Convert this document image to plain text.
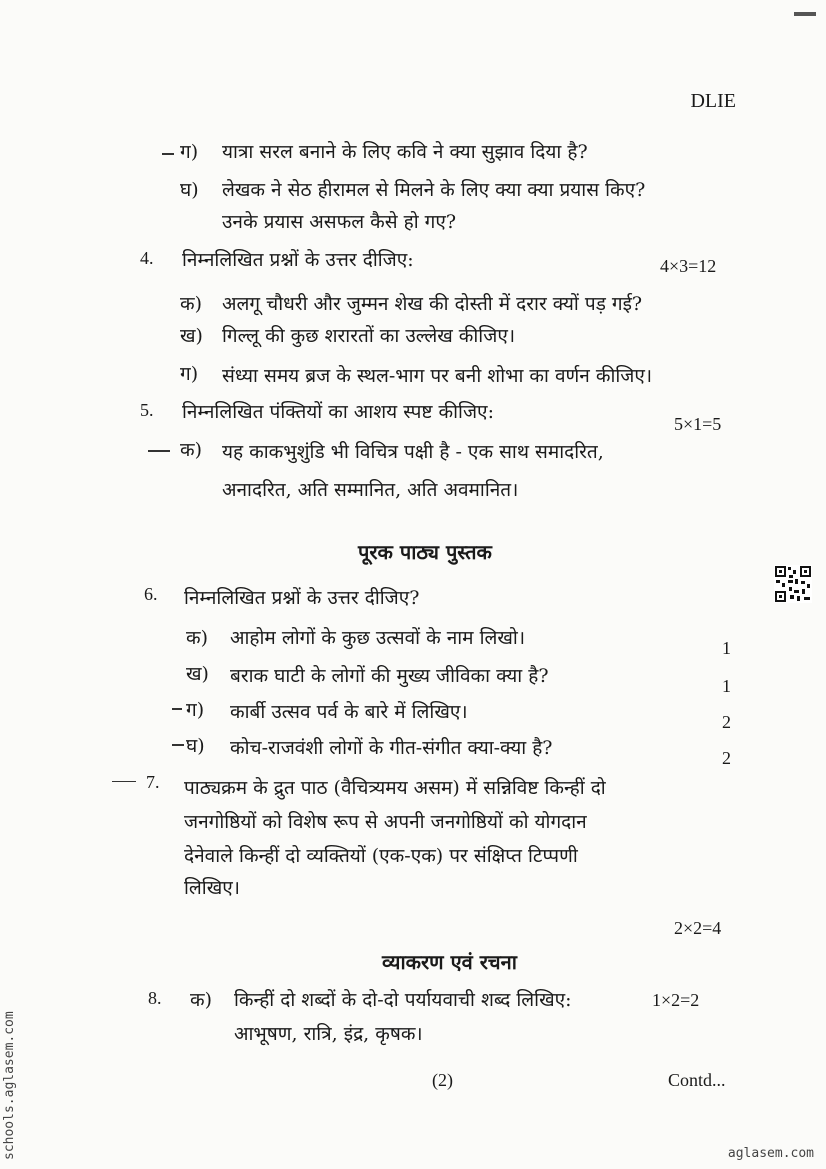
DLIE
ग) यात्रा सरल बनाने के लिए कवि ने क्या सुझाव दिया है?
घ) लेखक ने सेठ हीरामल से मिलने के लिए क्या क्या प्रयास किए?
उनके प्रयास असफल कैसे हो गए?
4. निम्नलिखित प्रश्नों के उत्तर दीजिए:	4×3=12
क) अलगू चौधरी और जुम्मन शेख की दोस्ती में दरार क्यों पड़ गई?
ख) गिल्लू की कुछ शरारतों का उल्लेख कीजिए।
ग) संध्या समय ब्रज के स्थल-भाग पर बनी शोभा का वर्णन कीजिए।
5. निम्नलिखित पंक्तियों का आशय स्पष्ट कीजिए:
5×1=5
क) यह काकभुशुंडि भी विचित्र पक्षी है - एक साथ समादरित,
अनादरित, अति सम्मानित, अति अवमानित।
पूरक पाठ्य पुस्तक
6. निम्नलिखित प्रश्नों के उत्तर दीजिए?
क) आहोम लोगों के कुछ उत्सवों के नाम लिखो।	1
ख) बराक घाटी के लोगों की मुख्य जीविका क्या है?	1
ग) कार्बी उत्सव पर्व के बारे में लिखिए।	2
घ) कोच-राजवंशी लोगों के गीत-संगीत क्या-क्या है?	2
7. पाठ्यक्रम के द्रुत पाठ (वैचित्र्यमय असम) में सन्निविष्ट किन्हीं दो
जनगोष्ठियों को विशेष रूप से अपनी जनगोष्ठियों को योगदान
देनेवाले किन्हीं दो व्यक्तियों (एक-एक) पर संक्षिप्त टिप्पणी
लिखिए।
2×2=4
व्याकरण एवं रचना
8. क) किन्हीं दो शब्दों के दो-दो पर्यायवाची शब्द लिखिए:	1×2=2
आभूषण, रात्रि, इंद्र, कृषक।
(2)	Contd...
schools.aglasem.com	aglasem.com
